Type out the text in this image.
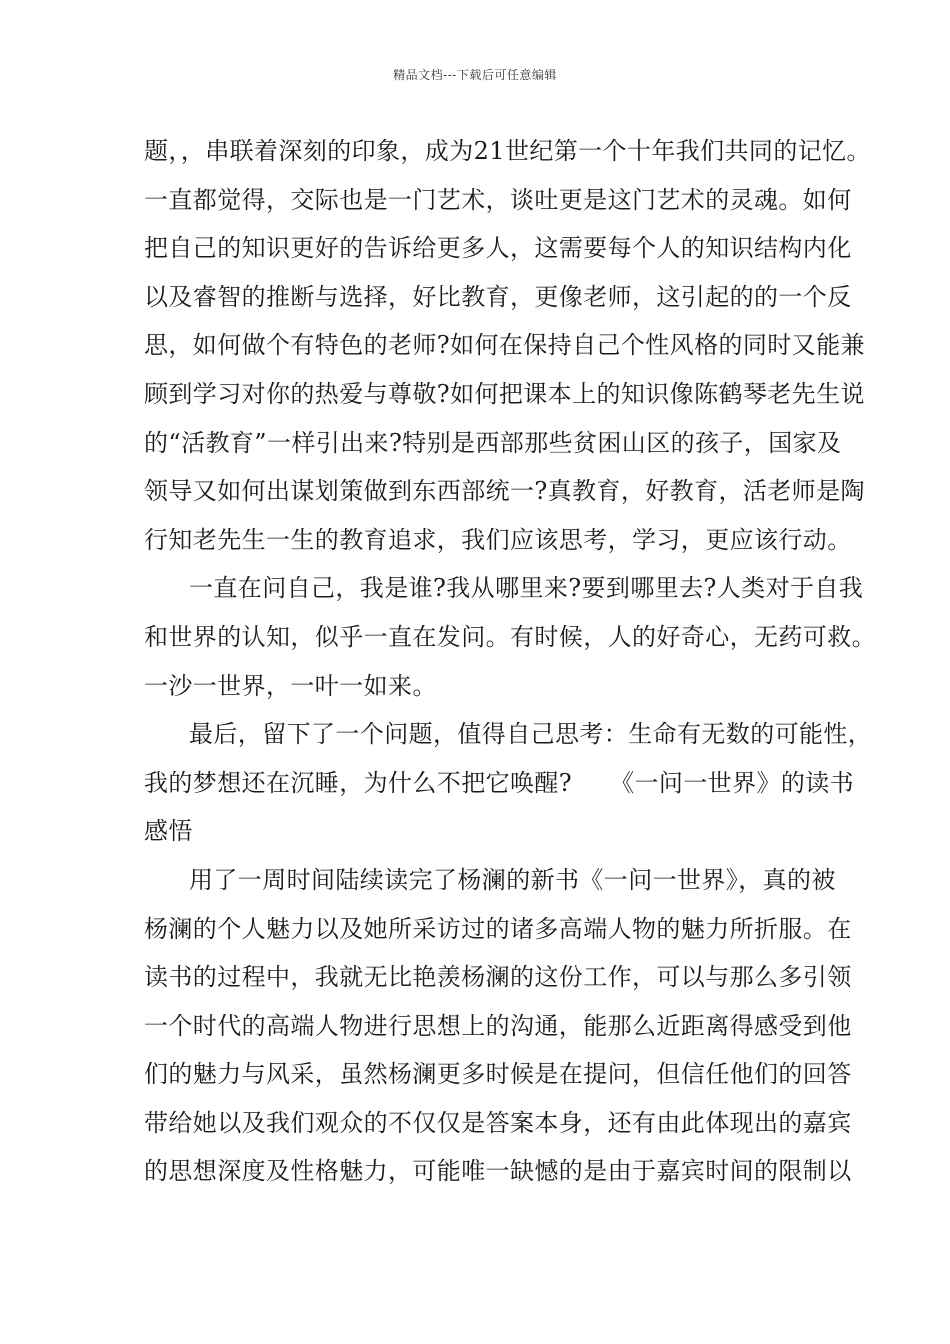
精品文档---下载后可任意编辑
题，，串联着深刻的印象，成为21世纪第一个十年我们共同的记忆。
一直都觉得，交际也是一门艺术，谈吐更是这门艺术的灵魂。如何
把自己的知识更好的告诉给更多人，这需要每个人的知识结构内化
以及睿智的推断与选择，好比教育，更像老师，这引起的的一个反
思，如何做个有特色的老师?如何在保持自己个性风格的同时又能兼
顾到学习对你的热爱与尊敬?如何把课本上的知识像陈鹤琴老先生说
的“活教育”一样引出来?特别是西部那些贫困山区的孩子，国家及
领导又如何出谋划策做到东西部统一?真教育，好教育，活老师是陶
行知老先生一生的教育追求，我们应该思考，学习，更应该行动。
一直在问自己，我是谁?我从哪里来?要到哪里去?人类对于自我
和世界的认知，似乎一直在发问。有时候，人的好奇心，无药可救。
一沙一世界，一叶一如来。
最后，留下了一个问题，值得自己思考：生命有无数的可能性，
我的梦想还在沉睡，为什么不把它唤醒? 《一问一世界》的读书
感悟
用了一周时间陆续读完了杨澜的新书《一问一世界》，真的被
杨澜的个人魅力以及她所采访过的诸多高端人物的魅力所折服。在
读书的过程中，我就无比艳羡杨澜的这份工作，可以与那么多引领
一个时代的高端人物进行思想上的沟通，能那么近距离得感受到他
们的魅力与风采，虽然杨澜更多时候是在提问，但信任他们的回答
带给她以及我们观众的不仅仅是答案本身，还有由此体现出的嘉宾
的思想深度及性格魅力，可能唯一缺憾的是由于嘉宾时间的限制以
